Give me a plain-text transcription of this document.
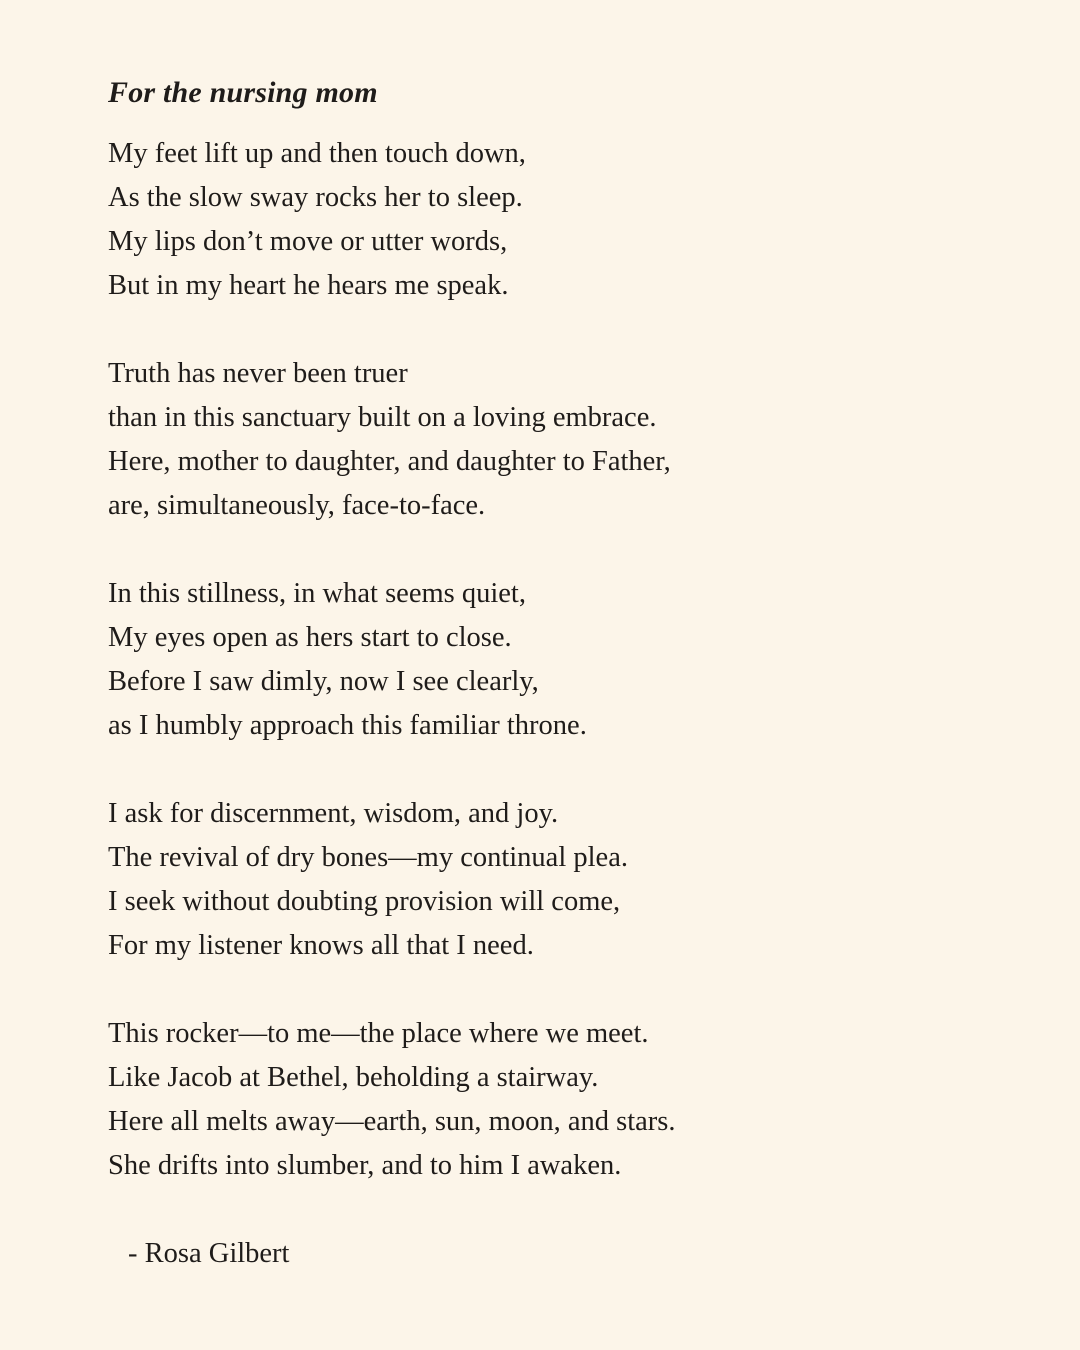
For the nursing mom
My feet lift up and then touch down,
As the slow sway rocks her to sleep.
My lips don’t move or utter words,
But in my heart he hears me speak.
Truth has never been truer
than in this sanctuary built on a loving embrace.
Here, mother to daughter, and daughter to Father,
are, simultaneously, face-to-face.
In this stillness, in what seems quiet,
My eyes open as hers start to close.
Before I saw dimly, now I see clearly,
as I humbly approach this familiar throne.
I ask for discernment, wisdom, and joy.
The revival of dry bones—my continual plea.
I seek without doubting provision will come,
For my listener knows all that I need.
This rocker—to me—the place where we meet.
Like Jacob at Bethel, beholding a stairway.
Here all melts away—earth, sun, moon, and stars.
She drifts into slumber, and to him I awaken.
- Rosa Gilbert
